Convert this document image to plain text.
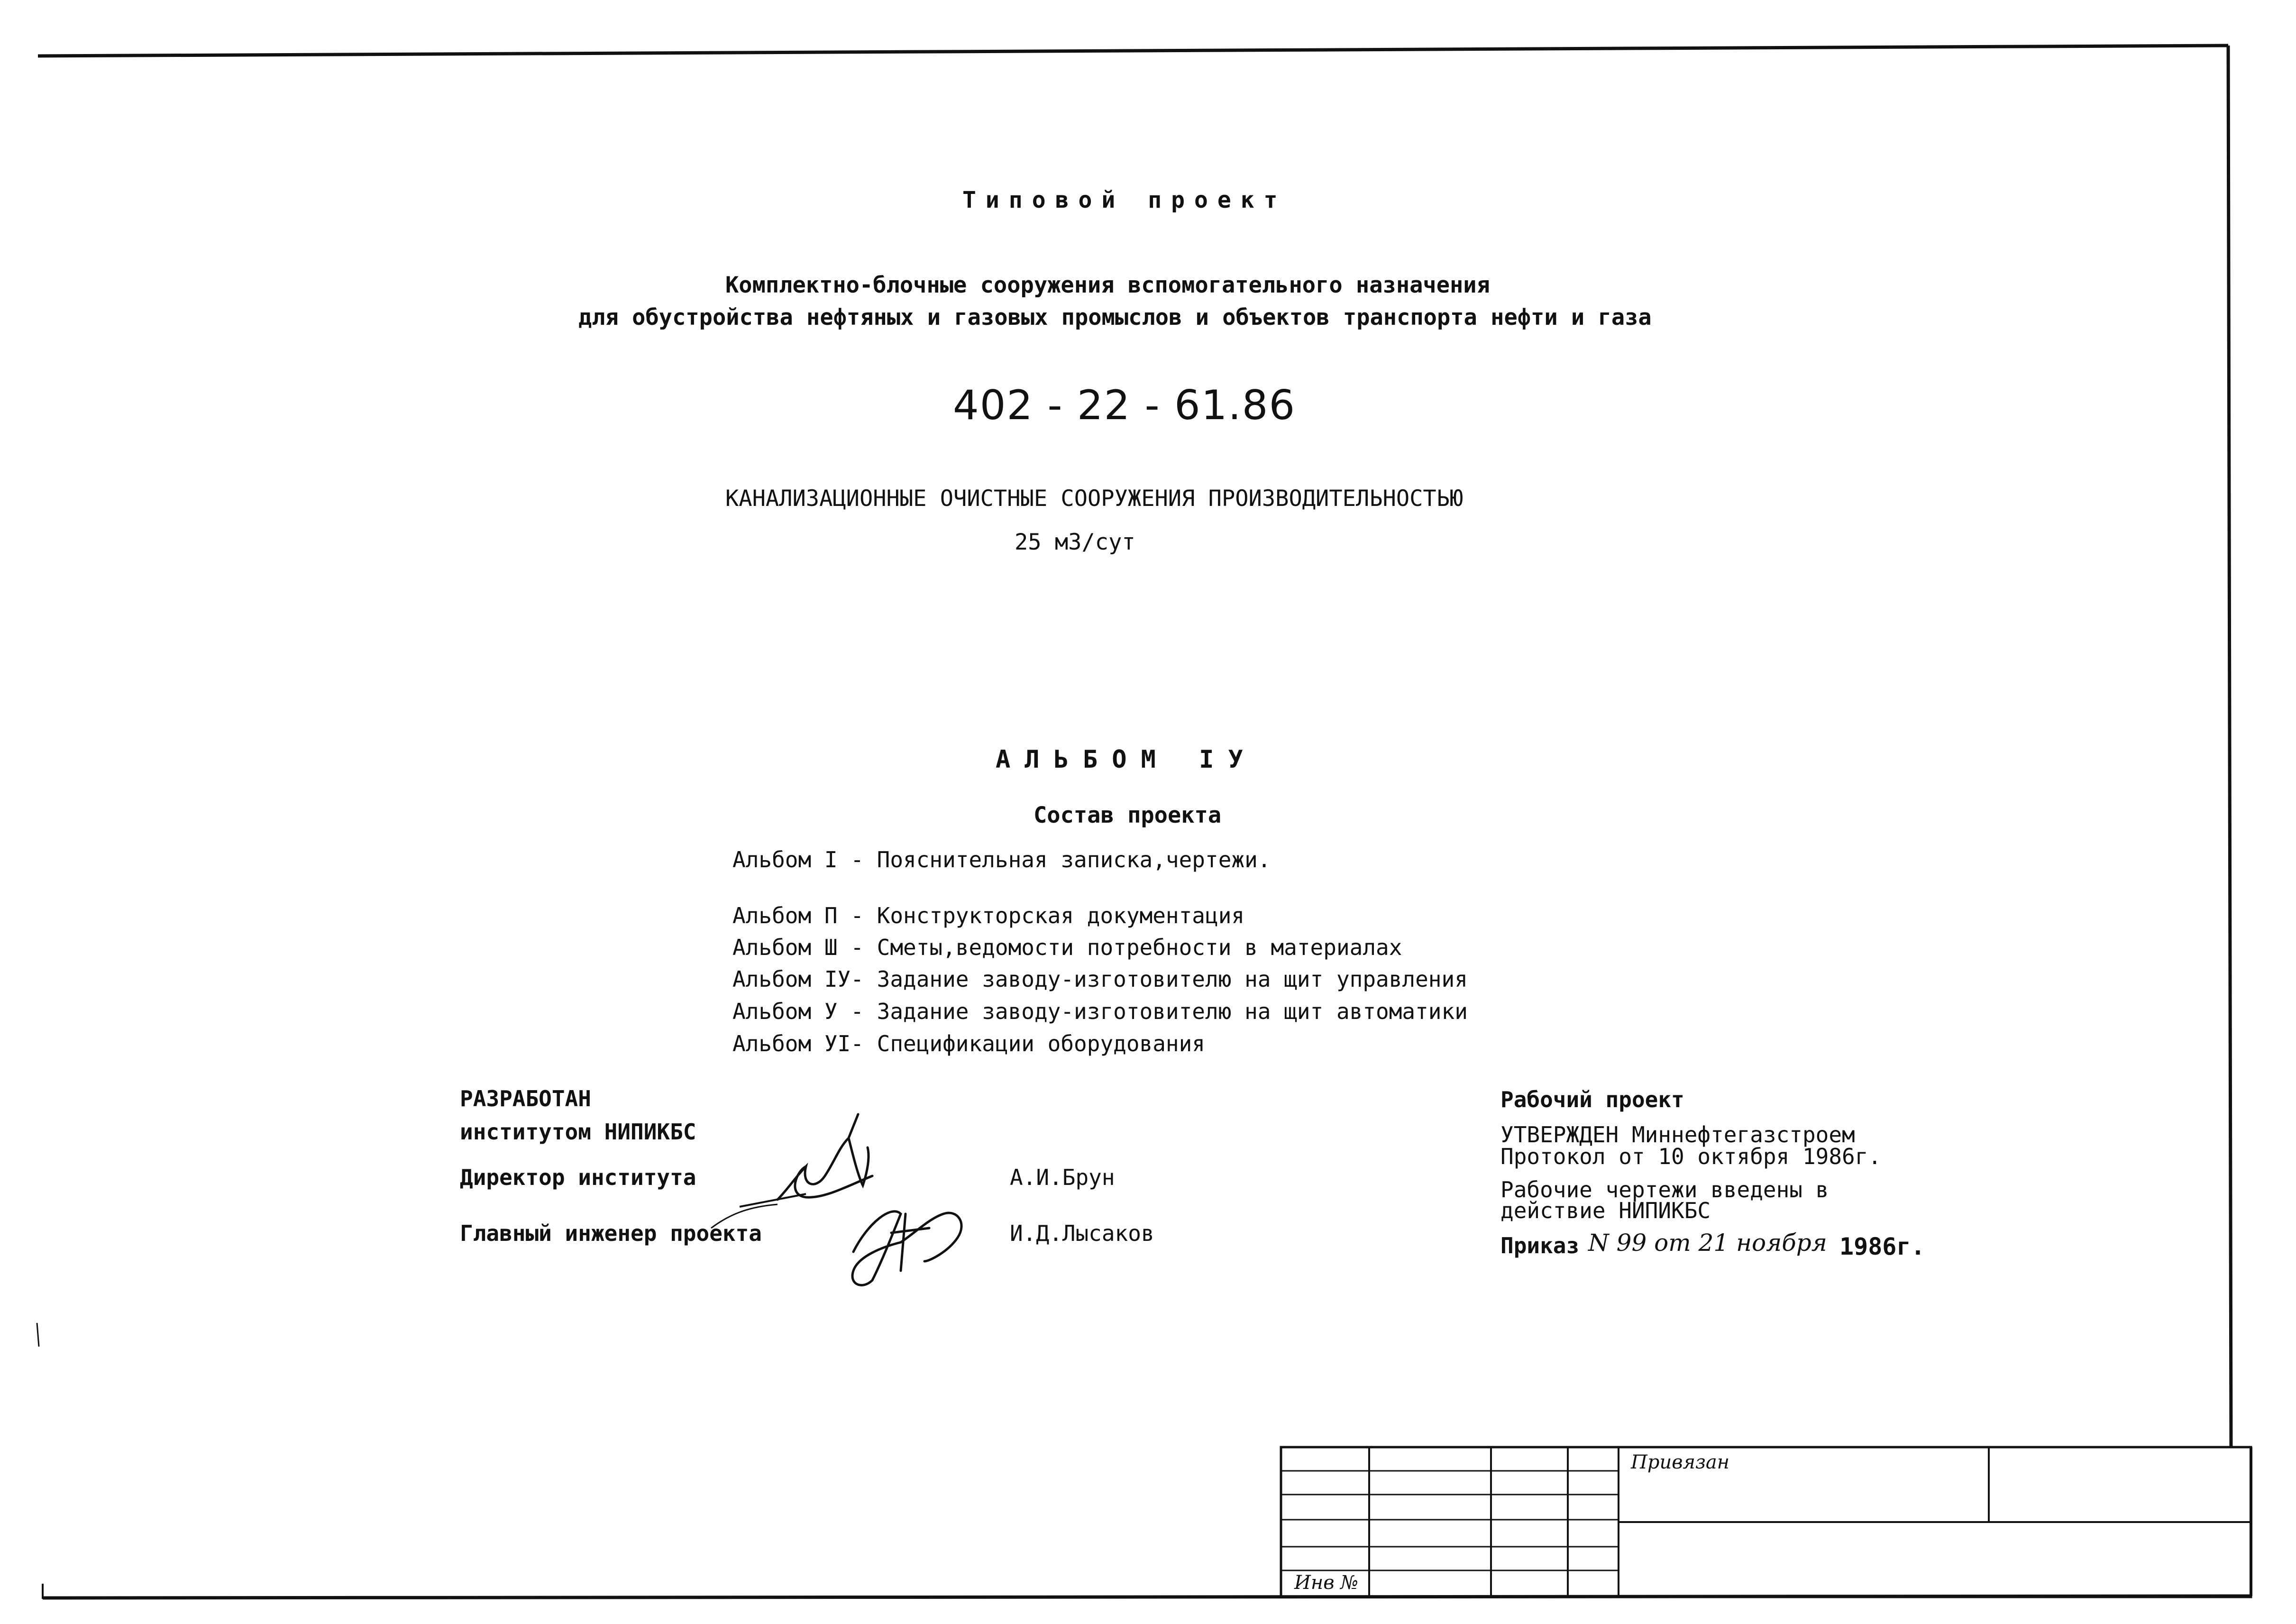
Типовой проект
Комплектно-блочные сооружения вспомогательного назначения
для обустройства нефтяных и газовых промыслов и объектов транспорта нефти и газа
402 - 22 - 61.86
КАНАЛИЗАЦИОННЫЕ ОЧИСТНЫЕ СООРУЖЕНИЯ ПРОИЗВОДИТЕЛЬНОСТЬЮ
25 м3/сут
АЛЬБОМ IУ
Состав проекта
Альбом I - Пояснительная записка,чертежи.
Альбом П - Конструкторская документация
Альбом Ш - Сметы,ведомости потребности в материалах
Альбом IУ- Задание заводу-изготовителю на щит управления
Альбом У - Задание заводу-изготовителю на щит автоматики
Альбом УI- Спецификации оборудования
РАЗРАБОТАН
институтом НИПИКБС
Директор института	А.И.Брун
Главный инженер проекта	И.Д.Лысаков
Рабочий проект
УТВЕРЖДЕН Миннефтегазстроем
Протокол от 10 октября 1986г.
Рабочие чертежи введены в
действие НИПИКБС
Приказ N 99 от 21 ноября 1986г.
Привязан
Инв №
